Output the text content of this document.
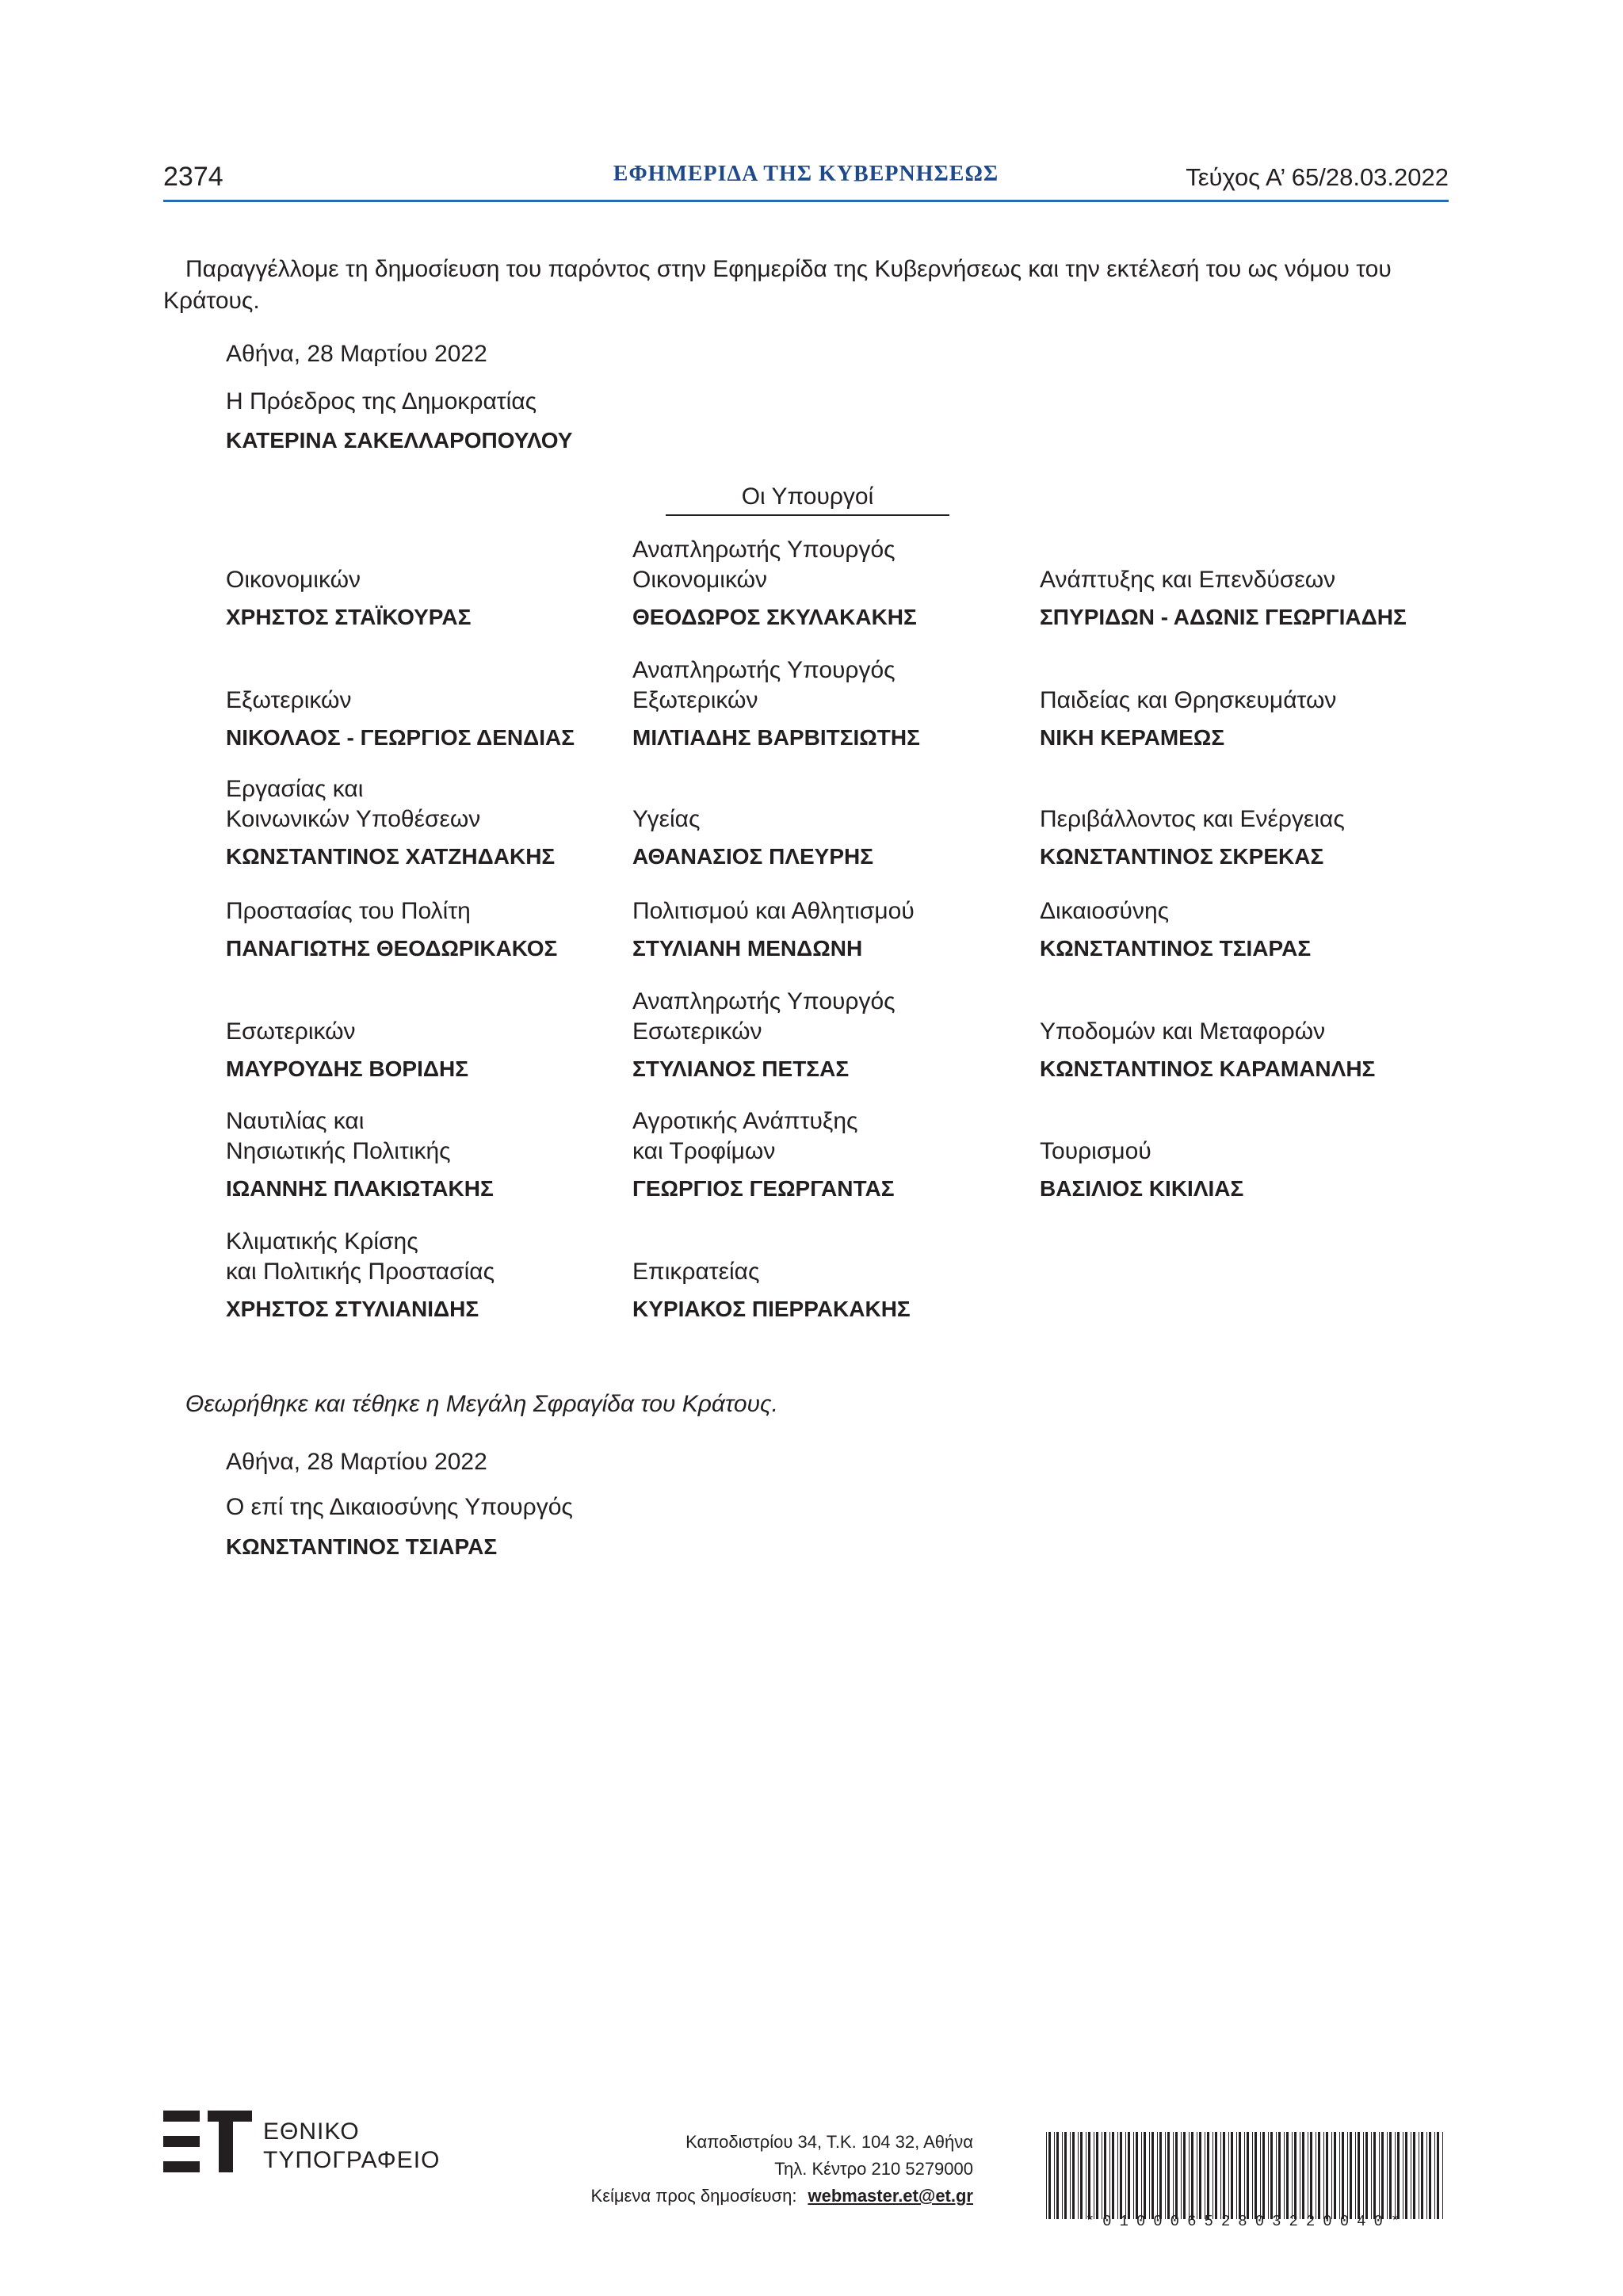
2374	ΕΦΗΜΕΡΙΔΑ ΤΗΣ ΚΥΒΕΡΝΗΣΕΩΣ	Τεύχος Α’ 65/28.03.2022
Παραγγέλλομε τη δημοσίευση του παρόντος στην Εφημερίδα της Κυβερνήσεως και την εκτέλεσή του ως νόμου του Κράτους.
Αθήνα, 28 Μαρτίου 2022
Η Πρόεδρος της Δημοκρατίας
ΚΑΤΕΡΙΝΑ ΣΑΚΕΛΛΑΡΟΠΟΥΛΟΥ
Οι Υπουργοί
Οικονομικών
ΧΡΗΣΤΟΣ ΣΤΑΪΚΟΥΡΑΣ
Αναπληρωτής Υπουργός
Οικονομικών
ΘΕΟΔΩΡΟΣ ΣΚΥΛΑΚΑΚΗΣ
Ανάπτυξης και Επενδύσεων
ΣΠΥΡΙΔΩΝ - ΑΔΩΝΙΣ ΓΕΩΡΓΙΑΔΗΣ
Εξωτερικών
ΝΙΚΟΛΑΟΣ - ΓΕΩΡΓΙΟΣ ΔΕΝΔΙΑΣ
Αναπληρωτής Υπουργός
Εξωτερικών
ΜΙΛΤΙΑΔΗΣ ΒΑΡΒΙΤΣΙΩΤΗΣ
Παιδείας και Θρησκευμάτων
ΝΙΚΗ ΚΕΡΑΜΕΩΣ
Εργασίας και
Κοινωνικών Υποθέσεων
ΚΩΝΣΤΑΝΤΙΝΟΣ ΧΑΤΖΗΔΑΚΗΣ
Υγείας
ΑΘΑΝΑΣΙΟΣ ΠΛΕΥΡΗΣ
Περιβάλλοντος και Ενέργειας
ΚΩΝΣΤΑΝΤΙΝΟΣ ΣΚΡΕΚΑΣ
Προστασίας του Πολίτη
ΠΑΝΑΓΙΩΤΗΣ ΘΕΟΔΩΡΙΚΑΚΟΣ
Πολιτισμού και Αθλητισμού
ΣΤΥΛΙΑΝΗ ΜΕΝΔΩΝΗ
Δικαιοσύνης
ΚΩΝΣΤΑΝΤΙΝΟΣ ΤΣΙΑΡΑΣ
Εσωτερικών
ΜΑΥΡΟΥΔΗΣ ΒΟΡΙΔΗΣ
Αναπληρωτής Υπουργός
Εσωτερικών
ΣΤΥΛΙΑΝΟΣ ΠΕΤΣΑΣ
Υποδομών και Μεταφορών
ΚΩΝΣΤΑΝΤΙΝΟΣ ΚΑΡΑΜΑΝΛΗΣ
Ναυτιλίας και
Νησιωτικής Πολιτικής
ΙΩΑΝΝΗΣ ΠΛΑΚΙΩΤΑΚΗΣ
Αγροτικής Ανάπτυξης
και Τροφίμων
ΓΕΩΡΓΙΟΣ ΓΕΩΡΓΑΝΤΑΣ
Τουρισμού
ΒΑΣΙΛΙΟΣ ΚΙΚΙΛΙΑΣ
Κλιματικής Κρίσης
και Πολιτικής Προστασίας
ΧΡΗΣΤΟΣ ΣΤΥΛΙΑΝΙΔΗΣ
Επικρατείας
ΚΥΡΙΑΚΟΣ ΠΙΕΡΡΑΚΑΚΗΣ
Θεωρήθηκε και τέθηκε η Μεγάλη Σφραγίδα του Κράτους.
Αθήνα, 28 Μαρτίου 2022
Ο επί της Δικαιοσύνης Υπουργός
ΚΩΝΣΤΑΝΤΙΝΟΣ ΤΣΙΑΡΑΣ
ΕΘΝΙΚΟ
ΤΥΠΟΓΡΑΦΕΙΟ
Καποδιστρίου 34, Τ.Κ. 104 32, Αθήνα
Τηλ. Κέντρο 210 5279000
Κείμενα προς δημοσίευση: webmaster.et@et.gr
*01000652803220040*
